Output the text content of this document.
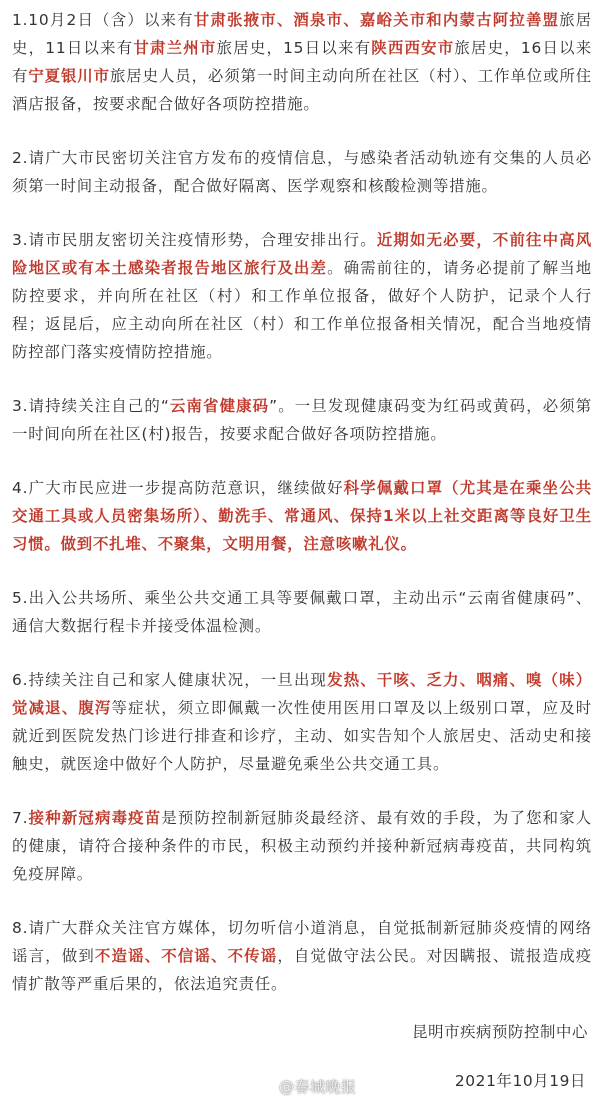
1.10月2日（含）以来有甘肃张掖市、酒泉市、嘉峪关市和内蒙古阿拉善盟旅居史，11日以来有甘肃兰州市旅居史，15日以来有陕西西安市旅居史，16日以来有宁夏银川市旅居史人员，必须第一时间主动向所在社区（村）、工作单位或所住酒店报备，按要求配合做好各项防控措施。

2.请广大市民密切关注官方发布的疫情信息，与感染者活动轨迹有交集的人员必须第一时间主动报备，配合做好隔离、医学观察和核酸检测等措施。

3.请市民朋友密切关注疫情形势，合理安排出行。近期如无必要，不前往中高风险地区或有本土感染者报告地区旅行及出差。确需前往的，请务必提前了解当地防控要求，并向所在社区（村）和工作单位报备，做好个人防护，记录个人行程；返昆后，应主动向所在社区（村）和工作单位报备相关情况，配合当地疫情防控部门落实疫情防控措施。

3.请持续关注自己的“云南省健康码”。一旦发现健康码变为红码或黄码，必须第一时间向所在社区(村)报告，按要求配合做好各项防控措施。

4.广大市民应进一步提高防范意识，继续做好科学佩戴口罩（尤其是在乘坐公共交通工具或人员密集场所）、勤洗手、常通风、保持1米以上社交距离等良好卫生习惯。做到不扎堆、不聚集，文明用餐，注意咳嗽礼仪。

5.出入公共场所、乘坐公共交通工具等要佩戴口罩，主动出示“云南省健康码”、通信大数据行程卡并接受体温检测。

6.持续关注自己和家人健康状况，一旦出现发热、干咳、乏力、咽痛、嗅（味）觉减退、腹泻等症状，须立即佩戴一次性使用医用口罩及以上级别口罩，应及时就近到医院发热门诊进行排查和诊疗，主动、如实告知个人旅居史、活动史和接触史，就医途中做好个人防护，尽量避免乘坐公共交通工具。

7.接种新冠病毒疫苗是预防控制新冠肺炎最经济、最有效的手段，为了您和家人的健康，请符合接种条件的市民，积极主动预约并接种新冠病毒疫苗，共同构筑免疫屏障。

8.请广大群众关注官方媒体，切勿听信小道消息，自觉抵制新冠肺炎疫情的网络谣言，做到不造谣、不信谣、不传谣，自觉做守法公民。对因瞒报、谎报造成疫情扩散等严重后果的，依法追究责任。

昆明市疾病预防控制中心
2021年10月19日
@春城晚报
